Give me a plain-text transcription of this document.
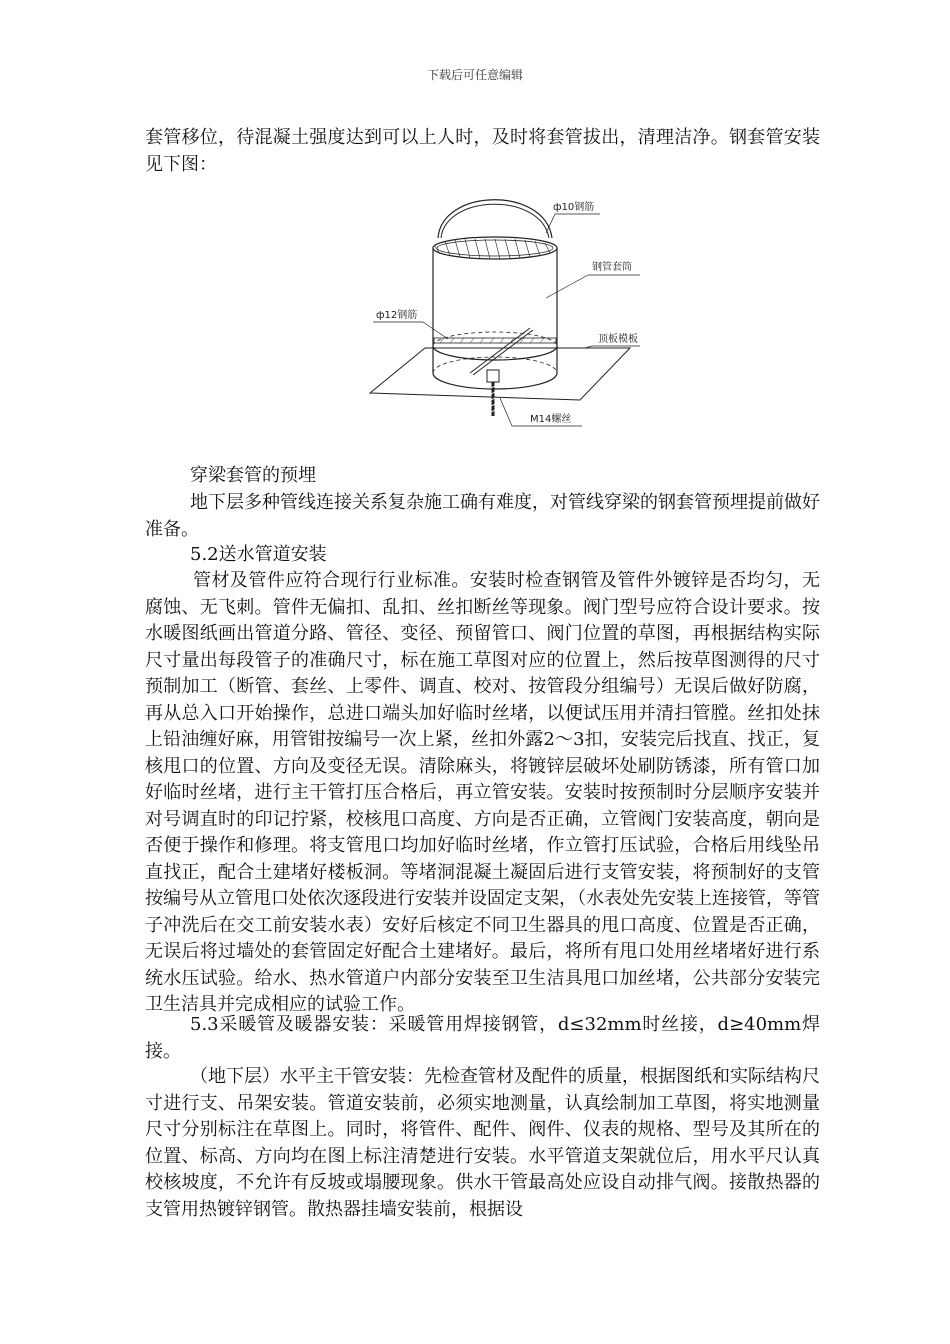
下载后可任意编辑

套管移位，待混凝土强度达到可以上人时，及时将套管拔出，清理洁净。钢套管安装见下图：

ф10钢筋
钢管套筒
ф12钢筋
顶板模板
M14螺丝

穿梁套管的预埋

地下层多种管线连接关系复杂施工确有难度，对管线穿梁的钢套管预埋提前做好准备。

5.2送水管道安装

管材及管件应符合现行行业标准。安装时检查钢管及管件外镀锌是否均匀，无腐蚀、无飞刺。管件无偏扣、乱扣、丝扣断丝等现象。阀门型号应符合设计要求。按水暖图纸画出管道分路、管径、变径、预留管口、阀门位置的草图，再根据结构实际尺寸量出每段管子的准确尺寸，标在施工草图对应的位置上，然后按草图测得的尺寸预制加工（断管、套丝、上零件、调直、校对、按管段分组编号）无误后做好防腐，再从总入口开始操作，总进口端头加好临时丝堵，以便试压用并清扫管膛。丝扣处抹上铅油缠好麻，用管钳按编号一次上紧，丝扣外露2～3扣，安装完后找直、找正，复核甩口的位置、方向及变径无误。清除麻头，将镀锌层破坏处刷防锈漆，所有管口加好临时丝堵，进行主干管打压合格后，再立管安装。安装时按预制时分层顺序安装并对号调直时的印记拧紧，校核甩口高度、方向是否正确，立管阀门安装高度，朝向是否便于操作和修理。将支管甩口均加好临时丝堵，作立管打压试验，合格后用线坠吊直找正，配合土建堵好楼板洞。等堵洞混凝土凝固后进行支管安装，将预制好的支管按编号从立管甩口处依次逐段进行安装并设固定支架，（水表处先安装上连接管，等管子冲洗后在交工前安装水表）安好后核定不同卫生器具的甩口高度、位置是否正确，无误后将过墙处的套管固定好配合土建堵好。最后，将所有甩口处用丝堵堵好进行系统水压试验。给水、热水管道户内部分安装至卫生洁具甩口加丝堵，公共部分安装完卫生洁具并完成相应的试验工作。

5.3采暖管及暖器安装：采暖管用焊接钢管，d≤32mm时丝接，d≥40mm焊接。

（地下层）水平主干管安装：先检查管材及配件的质量，根据图纸和实际结构尺寸进行支、吊架安装。管道安装前，必须实地测量，认真绘制加工草图，将实地测量尺寸分别标注在草图上。同时，将管件、配件、阀件、仪表的规格、型号及其所在的位置、标高、方向均在图上标注清楚进行安装。水平管道支架就位后，用水平尺认真校核坡度，不允许有反坡或塌腰现象。供水干管最高处应设自动排气阀。接散热器的支管用热镀锌钢管。散热器挂墙安装前，根据设
